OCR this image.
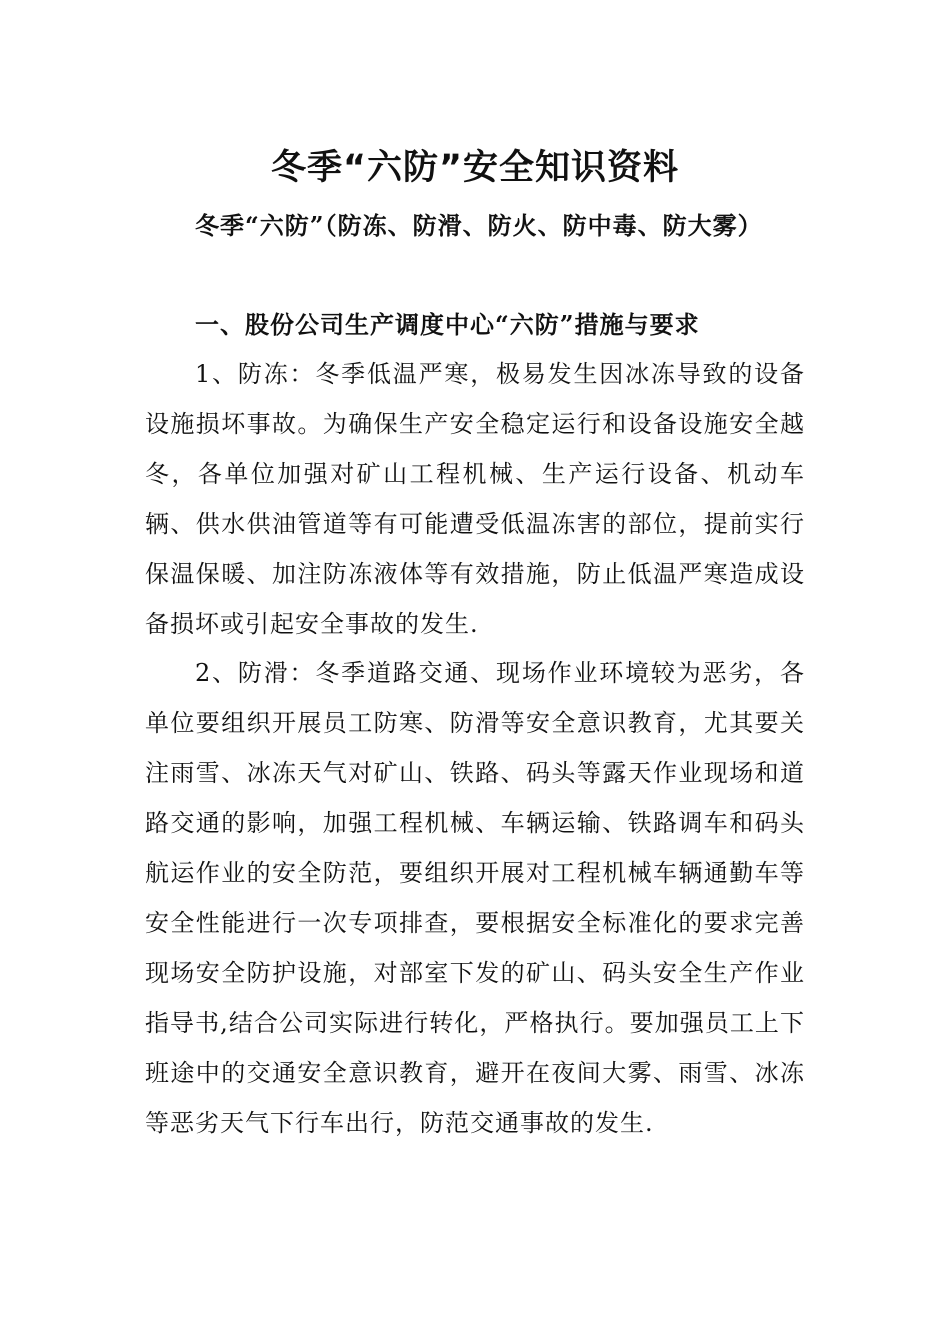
冬季“六防”安全知识资料

冬季“六防”（防冻、防滑、防火、防中毒、防大雾）

一、股份公司生产调度中心“六防”措施与要求

1、防冻：冬季低温严寒，极易发生因冰冻导致的设备设施损坏事故。为确保生产安全稳定运行和设备设施安全越冬，各单位加强对矿山工程机械、生产运行设备、机动车辆、供水供油管道等有可能遭受低温冻害的部位，提前实行保温保暖、加注防冻液体等有效措施，防止低温严寒造成设备损坏或引起安全事故的发生.

2、防滑：冬季道路交通、现场作业环境较为恶劣，各单位要组织开展员工防寒、防滑等安全意识教育，尤其要关注雨雪、冰冻天气对矿山、铁路、码头等露天作业现场和道路交通的影响，加强工程机械、车辆运输、铁路调车和码头航运作业的安全防范，要组织开展对工程机械车辆通勤车等安全性能进行一次专项排查，要根据安全标准化的要求完善现场安全防护设施，对部室下发的矿山、码头安全生产作业指导书,结合公司实际进行转化，严格执行。要加强员工上下班途中的交通安全意识教育，避开在夜间大雾、雨雪、冰冻等恶劣天气下行车出行，防范交通事故的发生.
